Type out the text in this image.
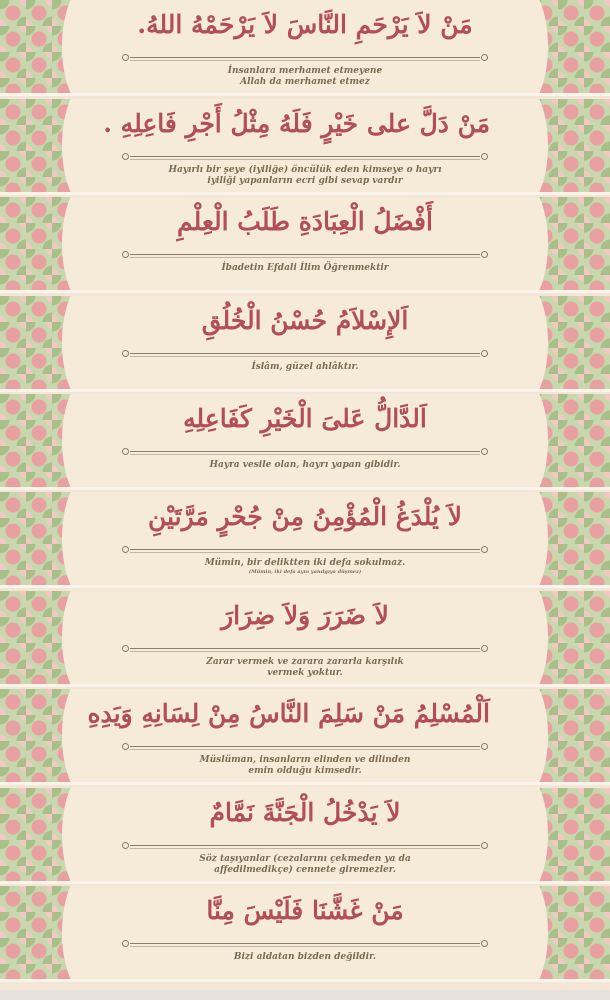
مَنْ لاَ يَرْحَمِ النَّاسَ لاَ يَرْحَمْهُ اللهُ.
İnsanlara merhamet etmeyene
Allah da merhamet etmez
مَنْ دَلَّ على خَيْرٍ فَلَهُ مِثْلُ أَجْرِ فَاعِلِهِ .
Hayırlı bir şeye (iyiliğe) öncülük eden kimseye o hayrı
iyiliği yapanların ecri gibi sevap vardır
أَفْضَلُ الْعِبَادَةِ طَلَبُ الْعِلْمِ
İbadetin Efdali İlim Öğrenmektir
اَلإِسْلاَمُ حُسْنُ الْخُلُقِ
İslâm, güzel ahlâktır.
اَلدَّالُّ عَلىَ الْخَيْرِ كَفَاعِلِهِ
Hayra vesile olan, hayrı yapan gibidir.
لاَ يُلْدَغُ الْمُؤْمِنُ مِنْ جُحْرٍ مَرَّتَيْنِ
Mümin, bir deliktten iki defa sokulmaz.
(Mümin, iki defa aynı yanılgıya düşmez)
لاَ ضَرَرَ وَلاَ ضِرَارَ
Zarar vermek ve zarara zararla karşılık
vermek yoktur.
اَلْمُسْلِمُ مَنْ سَلِمَ النَّاسُ مِنْ لِسَانِهِ وَيَدِهِ
Müslüman, insanların elinden ve dilinden
emin olduğu kimsedir.
لاَ يَدْخُلُ الْجَنَّةَ نَمَّامٌ
Söz taşıyanlar (cezalarını çekmeden ya da
affedilmedikçe) cennete giremezler.
مَنْ غَشَّنَا فَلَيْسَ مِنَّا
Bizi aldatan bizden değildir.
